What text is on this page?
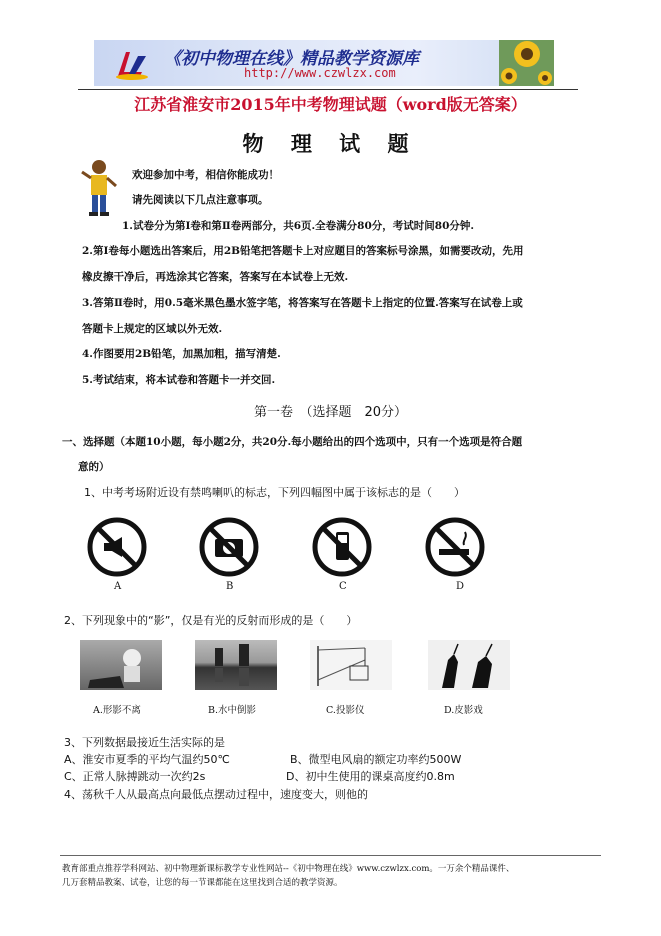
《初中物理在线》精品教学资源库
http://www.czwlzx.com
江苏省淮安市2015年中考物理试题（word版无答案）
物 理 试 题
欢迎参加中考，相信你能成功！
请先阅读以下几点注意事项。
1.试卷分为第Ⅰ卷和第Ⅱ卷两部分，共6页.全卷满分80分，考试时间80分钟.
2.第Ⅰ卷每小题选出答案后，用2B铅笔把答题卡上对应题目的答案标号涂黑，如需要改动，先用
橡皮擦干净后，再选涂其它答案，答案写在本试卷上无效.
3.答第Ⅱ卷时，用0.5毫米黑色墨水签字笔，将答案写在答题卡上指定的位置.答案写在试卷上或
答题卡上规定的区域以外无效.
4.作图要用2B铅笔，加黑加粗，描写清楚.
5.考试结束，将本试卷和答题卡一并交回.
第一卷　（选择题　20分）
一、选择题（本题10小题，每小题2分，共20分.每小题给出的四个选项中，只有一个选项是符合题
意的）
1、中考考场附近设有禁鸣喇叭的标志，下列四幅图中属于该标志的是（　　）
A	B	C	D
2、下列现象中的“影”，仅是有光的反射而形成的是（　　）
A.形影不离	B.水中倒影	C.投影仪	D.皮影戏
3、下列数据最接近生活实际的是
A、淮安市夏季的平均气温约50℃	B、微型电风扇的额定功率约500W
C、正常人脉搏跳动一次约2s	D、初中生使用的课桌高度约0.8m
4、荡秋千人从最高点向最低点摆动过程中，速度变大，则他的
教育部重点推荐学科网站、初中物理新课标教学专业性网站--《初中物理在线》www.czwlzx.com。一万余个精品课件、
几万套精品教案、试卷，让您的每一节课都能在这里找到合适的教学资源。
